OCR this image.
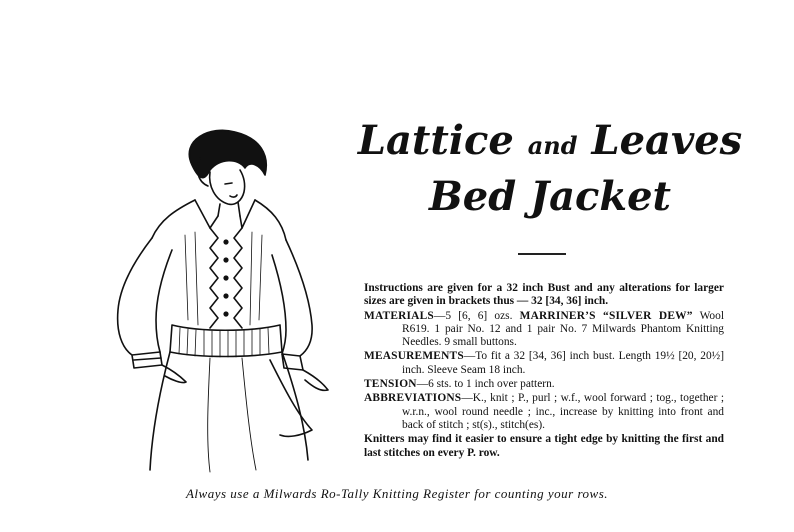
Lattice and Leaves
Bed Jacket

Instructions are given for a 32 inch Bust and any alterations for larger sizes are given in brackets thus — 32 [34, 36] inch.

MATERIALS—5 [6, 6] ozs. MARRINER’S “SILVER DEW” Wool R619. 1 pair No. 12 and 1 pair No. 7 Milwards Phantom Knitting Needles. 9 small buttons.

MEASUREMENTS—To fit a 32 [34, 36] inch bust. Length 19½ [20, 20½] inch. Sleeve Seam 18 inch.

TENSION—6 sts. to 1 inch over pattern.

ABBREVIATIONS—K., knit ; P., purl ; w.f., wool forward ; tog., together ; w.r.n., wool round needle ; inc., increase by knitting into front and back of stitch ; st(s)., stitch(es).

Knitters may find it easier to ensure a tight edge by knitting the first and last stitches on every P. row.

Always use a Milwards Ro-Tally Knitting Register for counting your rows.
